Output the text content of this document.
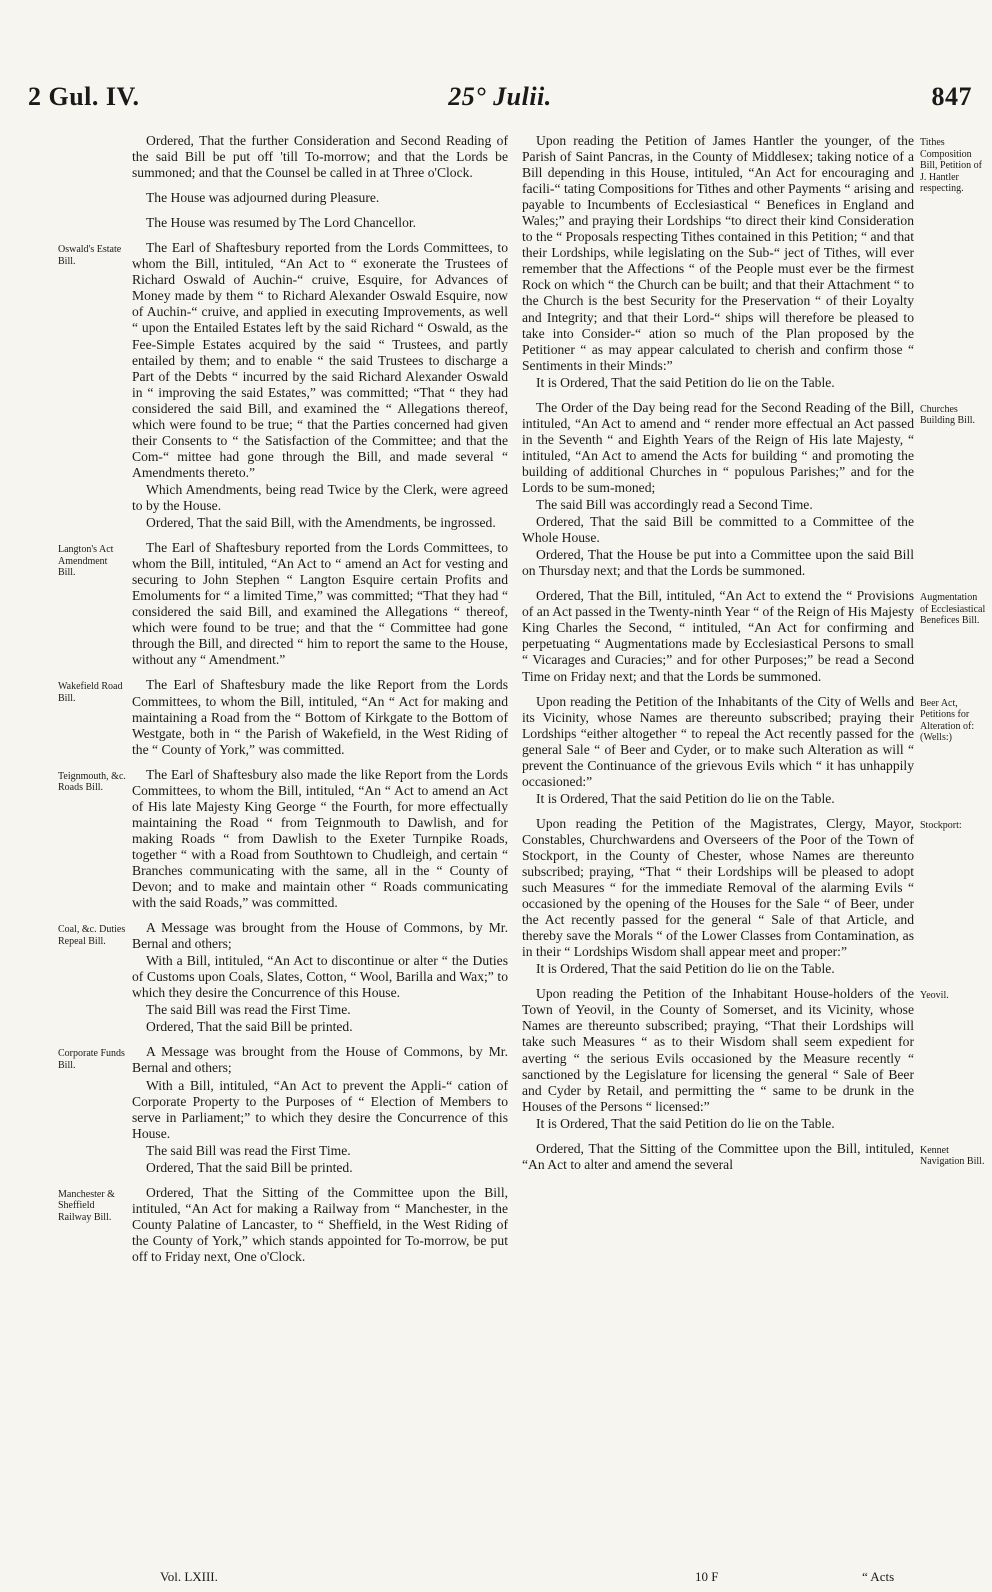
2 Gul. IV.	25° Julii.	847

Ordered, That the further Consideration and Second Reading of the said Bill be put off 'till To-morrow; and that the Lords be summoned; and that the Counsel be called in at Three o'Clock.

The House was adjourned during Pleasure.

The House was resumed by The Lord Chancellor.

Oswald's Estate Bill.

The Earl of Shaftesbury reported from the Lords Committees, to whom the Bill, intituled, “An Act to “ exonerate the Trustees of Richard Oswald of Auchin-“ cruive, Esquire, for Advances of Money made by them “ to Richard Alexander Oswald Esquire, now of Auchin-“ cruive, and applied in executing Improvements, as well “ upon the Entailed Estates left by the said Richard “ Oswald, as the Fee-Simple Estates acquired by the said “ Trustees, and partly entailed by them; and to enable “ the said Trustees to discharge a Part of the Debts “ incurred by the said Richard Alexander Oswald in “ improving the said Estates,” was committed; “That “ they had considered the said Bill, and examined the “ Allegations thereof, which were found to be true; “ that the Parties concerned had given their Consents to “ the Satisfaction of the Committee; and that the Com-“ mittee had gone through the Bill, and made several “ Amendments thereto.”

Which Amendments, being read Twice by the Clerk, were agreed to by the House.

Ordered, That the said Bill, with the Amendments, be ingrossed.

Langton's Act Amendment Bill.

The Earl of Shaftesbury reported from the Lords Committees, to whom the Bill, intituled, “An Act to “ amend an Act for vesting and securing to John Stephen “ Langton Esquire certain Profits and Emoluments for “ a limited Time,” was committed; “That they had “ considered the said Bill, and examined the Allegations “ thereof, which were found to be true; and that the “ Committee had gone through the Bill, and directed “ him to report the same to the House, without any “ Amendment.”

Wakefield Road Bill.

The Earl of Shaftesbury made the like Report from the Lords Committees, to whom the Bill, intituled, “An “ Act for making and maintaining a Road from the “ Bottom of Kirkgate to the Bottom of Westgate, both in “ the Parish of Wakefield, in the West Riding of the “ County of York,” was committed.

Teignmouth, &c. Roads Bill.

The Earl of Shaftesbury also made the like Report from the Lords Committees, to whom the Bill, intituled, “An “ Act to amend an Act of His late Majesty King George “ the Fourth, for more effectually maintaining the Road “ from Teignmouth to Dawlish, and for making Roads “ from Dawlish to the Exeter Turnpike Roads, together “ with a Road from Southtown to Chudleigh, and certain “ Branches communicating with the same, all in the “ County of Devon; and to make and maintain other “ Roads communicating with the said Roads,” was committed.

Coal, &c. Duties Repeal Bill.

A Message was brought from the House of Commons, by Mr. Bernal and others;

With a Bill, intituled, “An Act to discontinue or alter “ the Duties of Customs upon Coals, Slates, Cotton, “ Wool, Barilla and Wax;” to which they desire the Concurrence of this House.

The said Bill was read the First Time.

Ordered, That the said Bill be printed.

Corporate Funds Bill.

A Message was brought from the House of Commons, by Mr. Bernal and others;

With a Bill, intituled, “An Act to prevent the Appli-“ cation of Corporate Property to the Purposes of “ Election of Members to serve in Parliament;” to which they desire the Concurrence of this House.

The said Bill was read the First Time.

Ordered, That the said Bill be printed.

Manchester & Sheffield Railway Bill.

Ordered, That the Sitting of the Committee upon the Bill, intituled, “An Act for making a Railway from “ Manchester, in the County Palatine of Lancaster, to “ Sheffield, in the West Riding of the County of York,” which stands appointed for To-morrow, be put off to Friday next, One o'Clock.

Tithes Composition Bill, Petition of J. Hantler respecting.

Upon reading the Petition of James Hantler the younger, of the Parish of Saint Pancras, in the County of Middlesex; taking notice of a Bill depending in this House, intituled, “An Act for encouraging and facili-“ tating Compositions for Tithes and other Payments “ arising and payable to Incumbents of Ecclesiastical “ Benefices in England and Wales;” and praying their Lordships “to direct their kind Consideration to the “ Proposals respecting Tithes contained in this Petition; “ and that their Lordships, while legislating on the Sub-“ ject of Tithes, will ever remember that the Affections “ of the People must ever be the firmest Rock on which “ the Church can be built; and that their Attachment “ to the Church is the best Security for the Preservation “ of their Loyalty and Integrity; and that their Lord-“ ships will therefore be pleased to take into Consider-“ ation so much of the Plan proposed by the Petitioner “ as may appear calculated to cherish and confirm those “ Sentiments in their Minds:”

It is Ordered, That the said Petition do lie on the Table.

Churches Building Bill.

The Order of the Day being read for the Second Reading of the Bill, intituled, “An Act to amend and “ render more effectual an Act passed in the Seventh “ and Eighth Years of the Reign of His late Majesty, “ intituled, “An Act to amend the Acts for building “ and promoting the building of additional Churches in “ populous Parishes;” and for the Lords to be sum-moned;

The said Bill was accordingly read a Second Time.

Ordered, That the said Bill be committed to a Committee of the Whole House.

Ordered, That the House be put into a Committee upon the said Bill on Thursday next; and that the Lords be summoned.

Augmentation of Ecclesiastical Benefices Bill.

Ordered, That the Bill, intituled, “An Act to extend the “ Provisions of an Act passed in the Twenty-ninth Year “ of the Reign of His Majesty King Charles the Second, “ intituled, “An Act for confirming and perpetuating “ Augmentations made by Ecclesiastical Persons to small “ Vicarages and Curacies;” and for other Purposes;” be read a Second Time on Friday next; and that the Lords be summoned.

Beer Act, Petitions for Alteration of: (Wells:)

Upon reading the Petition of the Inhabitants of the City of Wells and its Vicinity, whose Names are thereunto subscribed; praying their Lordships “either altogether “ to repeal the Act recently passed for the general Sale “ of Beer and Cyder, or to make such Alteration as will “ prevent the Continuance of the grievous Evils which “ it has unhappily occasioned:”

It is Ordered, That the said Petition do lie on the Table.

Stockport:

Upon reading the Petition of the Magistrates, Clergy, Mayor, Constables, Churchwardens and Overseers of the Poor of the Town of Stockport, in the County of Chester, whose Names are thereunto subscribed; praying, “That “ their Lordships will be pleased to adopt such Measures “ for the immediate Removal of the alarming Evils “ occasioned by the opening of the Houses for the Sale “ of Beer, under the Act recently passed for the general “ Sale of that Article, and thereby save the Morals “ of the Lower Classes from Contamination, as in their “ Lordships Wisdom shall appear meet and proper:”

It is Ordered, That the said Petition do lie on the Table.

Yeovil.

Upon reading the Petition of the Inhabitant House-holders of the Town of Yeovil, in the County of Somerset, and its Vicinity, whose Names are thereunto subscribed; praying, “That their Lordships will take such Measures “ as to their Wisdom shall seem expedient for averting “ the serious Evils occasioned by the Measure recently “ sanctioned by the Legislature for licensing the general “ Sale of Beer and Cyder by Retail, and permitting the “ same to be drunk in the Houses of the Persons “ licensed:”

It is Ordered, That the said Petition do lie on the Table.

Kennet Navigation Bill.

Ordered, That the Sitting of the Committee upon the Bill, intituled, “An Act to alter and amend the several

Vol. LXIII.	10 F	“ Acts
